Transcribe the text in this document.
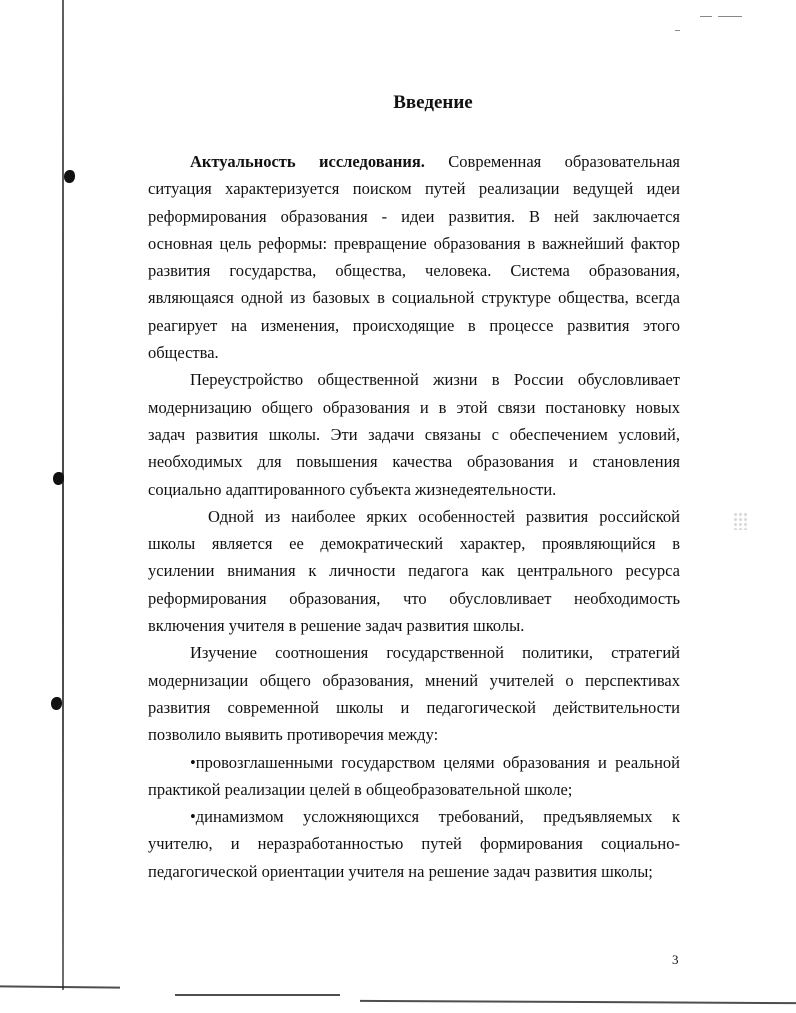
Введение

Актуальность исследования. Современная образовательная
ситуация характеризуется поиском путей реализации ведущей идеи
реформирования образования - идеи развития. В ней заключается
основная цель реформы: превращение образования в важнейший фактор
развития государства, общества, человека. Система образования,
являющаяся одной из базовых в социальной структуре общества, всегда
реагирует на изменения, происходящие в процессе развития этого
общества.

Переустройство общественной жизни в России обусловливает
модернизацию общего образования и в этой связи постановку новых
задач развития школы. Эти задачи связаны с обеспечением условий,
необходимых для повышения качества образования и становления
социально адаптированного субъекта жизнедеятельности.

Одной из наиболее ярких особенностей развития российской
школы является ее демократический характер, проявляющийся в
усилении внимания к личности педагога как центрального ресурса
реформирования образования, что обусловливает необходимость
включения учителя в решение задач развития школы.

Изучение соотношения государственной политики, стратегий
модернизации общего образования, мнений учителей о перспективах
развития современной школы и педагогической действительности
позволило выявить противоречия между:

•провозглашенными государством целями образования и реальной
практикой реализации целей в общеобразовательной школе;

•динамизмом усложняющихся требований, предъявляемых к
учителю, и неразработанностью путей формирования социально-
педагогической ориентации учителя на решение задач развития школы;

3
